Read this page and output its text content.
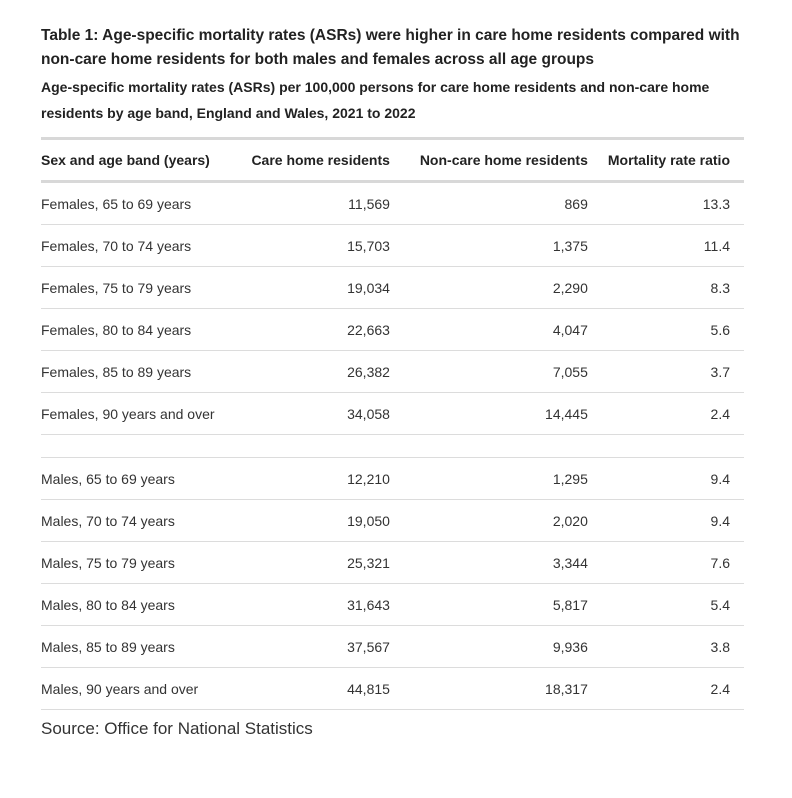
Table 1: Age-specific mortality rates (ASRs) were higher in care home residents compared with non-care home residents for both males and females across all age groups

Age-specific mortality rates (ASRs) per 100,000 persons for care home residents and non-care home residents by age band, England and Wales, 2021 to 2022

Sex and age band (years)	Care home residents	Non-care home residents	Mortality rate ratio
Females, 65 to 69 years	11,569	869	13.3
Females, 70 to 74 years	15,703	1,375	11.4
Females, 75 to 79 years	19,034	2,290	8.3
Females, 80 to 84 years	22,663	4,047	5.6
Females, 85 to 89 years	26,382	7,055	3.7
Females, 90 years and over	34,058	14,445	2.4

Males, 65 to 69 years	12,210	1,295	9.4
Males, 70 to 74 years	19,050	2,020	9.4
Males, 75 to 79 years	25,321	3,344	7.6
Males, 80 to 84 years	31,643	5,817	5.4
Males, 85 to 89 years	37,567	9,936	3.8
Males, 90 years and over	44,815	18,317	2.4
Source: Office for National Statistics
